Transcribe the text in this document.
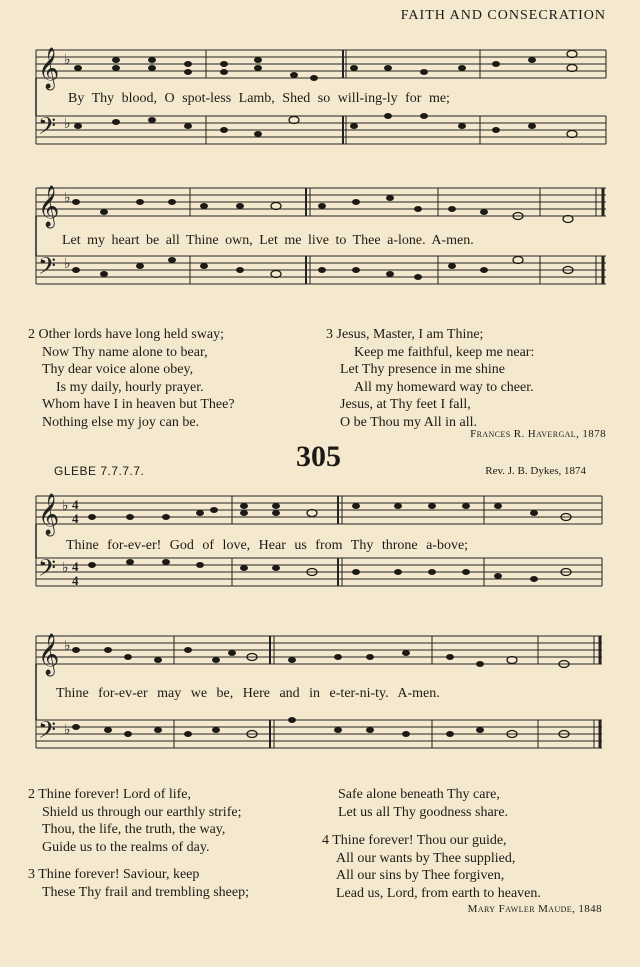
FAITH AND CONSECRATION
𝄞 ♭
𝄢 ♭
By Thy blood, O spot-less Lamb, Shed so will-ing-ly for me;
𝄞 ♭
𝄢 ♭
Let my heart be all Thine own, Let me live to Thee a-lone. A-men.
2 Other lords have long held sway;
Now Thy name alone to bear,
Thy dear voice alone obey,
Is my daily, hourly prayer.
Whom have I in heaven but Thee?
Nothing else my joy can be.
3 Jesus, Master, I am Thine;
Keep me faithful, keep me near:
Let Thy presence in me shine
All my homeward way to cheer.
Jesus, at Thy feet I fall,
O be Thou my All in all.
Frances R. Havergal, 1878
305
GLEBE 7.7.7.7.	Rev. J. B. Dykes, 1874
𝄞 ♭ 4
4
𝄢 ♭ 4
4
Thine for-ev-er! God of love, Hear us from Thy throne a-bove;
𝄞 ♭
𝄢 ♭
Thine for-ev-er may we be, Here and in e-ter-ni-ty. A-men.
2 Thine forever! Lord of life,
Shield us through our earthly strife;
Thou, the life, the truth, the way,
Guide us to the realms of day.
3 Thine forever! Saviour, keep
These Thy frail and trembling sheep;
Safe alone beneath Thy care,
Let us all Thy goodness share.
4 Thine forever! Thou our guide,
All our wants by Thee supplied,
All our sins by Thee forgiven,
Lead us, Lord, from earth to heaven.
Mary Fawler Maude, 1848
